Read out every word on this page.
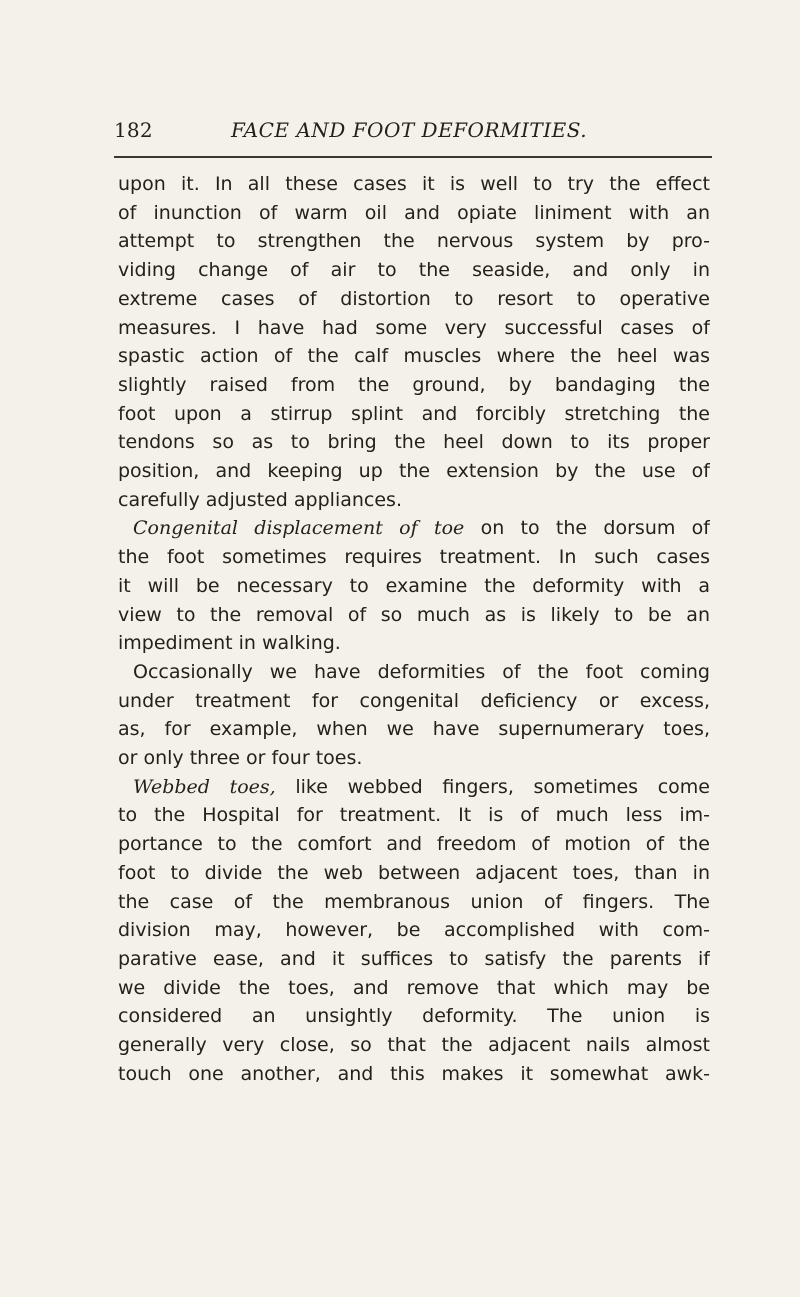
182	FACE AND FOOT DEFORMITIES.
upon it. In all these cases it is well to try the effect
of inunction of warm oil and opiate liniment with an
attempt to strengthen the nervous system by pro-
viding change of air to the seaside, and only in
extreme cases of distortion to resort to operative
measures. I have had some very successful cases of
spastic action of the calf muscles where the heel was
slightly raised from the ground, by bandaging the
foot upon a stirrup splint and forcibly stretching the
tendons so as to bring the heel down to its proper
position, and keeping up the extension by the use of
carefully adjusted appliances.
Congenital displacement of toe on to the dorsum of
the foot sometimes requires treatment. In such cases
it will be necessary to examine the deformity with a
view to the removal of so much as is likely to be an
impediment in walking.
Occasionally we have deformities of the foot coming
under treatment for congenital deficiency or excess,
as, for example, when we have supernumerary toes,
or only three or four toes.
Webbed toes, like webbed fingers, sometimes come
to the Hospital for treatment. It is of much less im-
portance to the comfort and freedom of motion of the
foot to divide the web between adjacent toes, than in
the case of the membranous union of fingers. The
division may, however, be accomplished with com-
parative ease, and it suffices to satisfy the parents if
we divide the toes, and remove that which may be
considered an unsightly deformity. The union is
generally very close, so that the adjacent nails almost
touch one another, and this makes it somewhat awk-
